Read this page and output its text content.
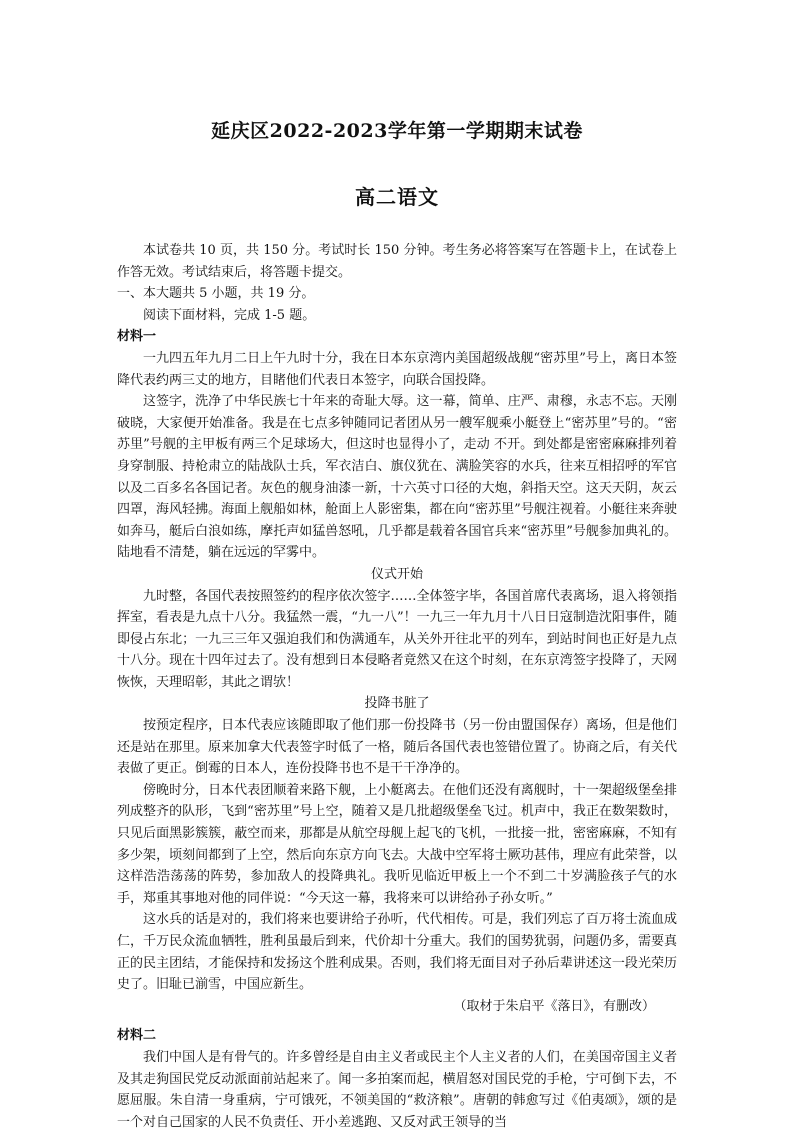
延庆区2022-2023学年第一学期期末试卷
高二语文

本试卷共 10 页，共 150 分。考试时长 150 分钟。考生务必将答案写在答题卡上，在试卷上作答无效。考试结束后，将答题卡提交。

一、本大题共 5 小题，共 19 分。

阅读下面材料，完成 1-5 题。

材料一

一九四五年九月二日上午九时十分，我在日本东京湾内美国超级战舰“密苏里”号上，离日本签降代表约两三丈的地方，目睹他们代表日本签字，向联合国投降。

这签字，洗净了中华民族七十年来的奇耻大辱。这一幕，简单、庄严、肃穆，永志不忘。天刚破晓，大家便开始准备。我是在七点多钟随同记者团从另一艘军舰乘小艇登上“密苏里”号的。“密苏里”号舰的主甲板有两三个足球场大，但这时也显得小了，走动 不开。到处都是密密麻麻排列着身穿制服、持枪肃立的陆战队士兵，军衣洁白、旗仪犹在、满脸笑容的水兵，往来互相招呼的军官以及二百多名各国记者。灰色的舰身油漆一新，十六英寸口径的大炮，斜指天空。这天天阴，灰云四罩，海风轻拂。海面上舰船如林，舱面上人影密集，都在向“密苏里”号舰注视着。小艇往来奔驶如奔马，艇后白浪如练，摩托声如猛兽怒吼，几乎都是载着各国官兵来“密苏里”号舰参加典礼的。陆地看不清楚，躺在远远的罕雾中。

仪式开始

九时整，各国代表按照签约的程序依次签字……全体签字毕，各国首席代表离场，退入将领指挥室，看表是九点十八分。我猛然一震，“九一八”！一九三一年九月十八日日寇制造沈阳事件，随即侵占东北；一九三三年又强迫我们和伪满通车，从关外开往北平的列车，到站时间也正好是九点十八分。现在十四年过去了。没有想到日本侵略者竟然又在这个时刻，在东京湾签字投降了，天网恢恢，天理昭彰，其此之谓欤！

投降书脏了

按预定程序，日本代表应该随即取了他们那一份投降书（另一份由盟国保存）离场，但是他们还是站在那里。原来加拿大代表签字时低了一格，随后各国代表也签错位置了。协商之后，有关代表做了更正。倒霉的日本人，连份投降书也不是干干净净的。

傍晚时分，日本代表团顺着来路下舰，上小艇离去。在他们还没有离舰时，十一架超级堡垒排列成整齐的队形，飞到“密苏里”号上空，随着又是几批超级堡垒飞过。机声中，我正在数架数时，只见后面黑影簇簇，蔽空而来，那都是从航空母舰上起飞的飞机，一批接一批，密密麻麻，不知有多少架，顷刻间都到了上空，然后向东京方向飞去。大战中空军将士厥功甚伟，理应有此荣誉，以这样浩浩荡荡的阵势，参加敌人的投降典礼。我听见临近甲板上一个不到二十岁满脸孩子气的水手，郑重其事地对他的同伴说：“今天这一幕，我将来可以讲给孙子孙女听。”

这水兵的话是对的，我们将来也要讲给子孙听，代代相传。可是，我们列忘了百万将士流血成仁，千万民众流血牺牲，胜利虽最后到来，代价却十分重大。我们的国势犹弱，问题仍多，需要真正的民主团结，才能保持和发扬这个胜利成果。否则，我们将无面目对子孙后辈讲述这一段光荣历史了。旧耻已湔雪，中国应新生。

（取材于朱启平《落日》，有删改）

材料二

我们中国人是有骨气的。许多曾经是自由主义者或民主个人主义者的人们，在美国帝国主义者及其走狗国民党反动派面前站起来了。闻一多拍案而起，横眉怒对国民党的手枪，宁可倒下去，不愿屈服。朱自清一身重病，宁可饿死，不领美国的“救济粮”。唐朝的韩愈写过《伯夷颂》，颂的是一个对自己国家的人民不负责任、开小差逃跑、又反对武王领导的当
